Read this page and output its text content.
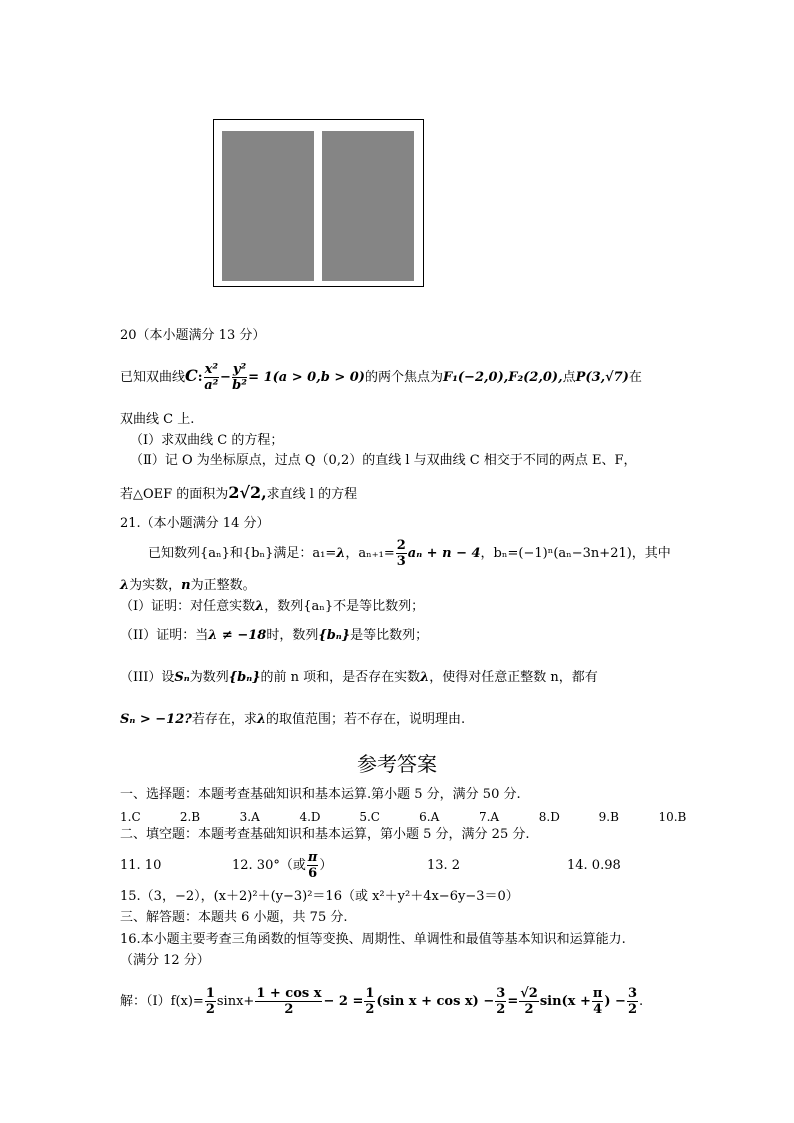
20（本小题满分 13 分）
已知双曲线C: $\frac{\text{x²}}{\text{a²}} - \frac{\text{y²}}{\text{b²}} = 1(a > 0,b > 0)$的两个焦点为F₁(−2,0),F₂(2,0),点P(3,√7)在
双曲线 C 上.
（Ⅰ）求双曲线 C 的方程；
（Ⅱ）记 O 为坐标原点，过点 Q（0,2）的直线 l 与双曲线 C 相交于不同的两点 E、F，
若△OEF 的面积为2√2,求直线 l 的方程
21.（本小题满分 14 分）
已知数列{aₙ}和{bₙ}满足：a₁=λ，$a_{n+1}= \frac{2}{3}$ aₙ + n − 4，bₙ=(−1)ⁿ(aₙ−3n+21)，其中
λ为实数，n为正整数。
（I）证明：对任意实数λ，数列{aₙ}不是等比数列；
（II）证明：当λ ≠ −18时，数列{bₙ}是等比数列；
（III）设Sₙ为数列{bₙ}的前 n 项和，是否存在实数λ，使得对任意正整数 n，都有
Sₙ > −12?若存在，求λ的取值范围；若不存在，说明理由.
参考答案
一、选择题：本题考查基础知识和基本运算.第小题 5 分，满分 50 分.
1.C	2.B	3.A	4.D	5.C	6.A	7.A	8.D	9.B	10.B
二、填空题：本题考查基础知识和基本运算，第小题 5 分，满分 25 分.
11. 10	12. 30°（或 $\frac{\pi}{6}$ ）	13. 2	14. 0.98
15.（3，−2），(x＋2)²＋(y−3)²＝16（或 x²＋y²＋4x−6y−3＝0）
三、解答题：本题共 6 小题，共 75 分.
16.本小题主要考查三角函数的恒等变换、周期性、单调性和最值等基本知识和运算能力.
（满分 12 分）
解：（Ⅰ）f(x)= $\frac{1}{2} \sin x+ \frac{\text{1 + cos x}}{2} - 2 = \frac{1}{2} (\sin$ $x + \cos x) - \frac{3}{2} = \frac{√2}{2} \sin(x + \frac{\pi}{4}$ ) − $\frac{3}{2}$ .
